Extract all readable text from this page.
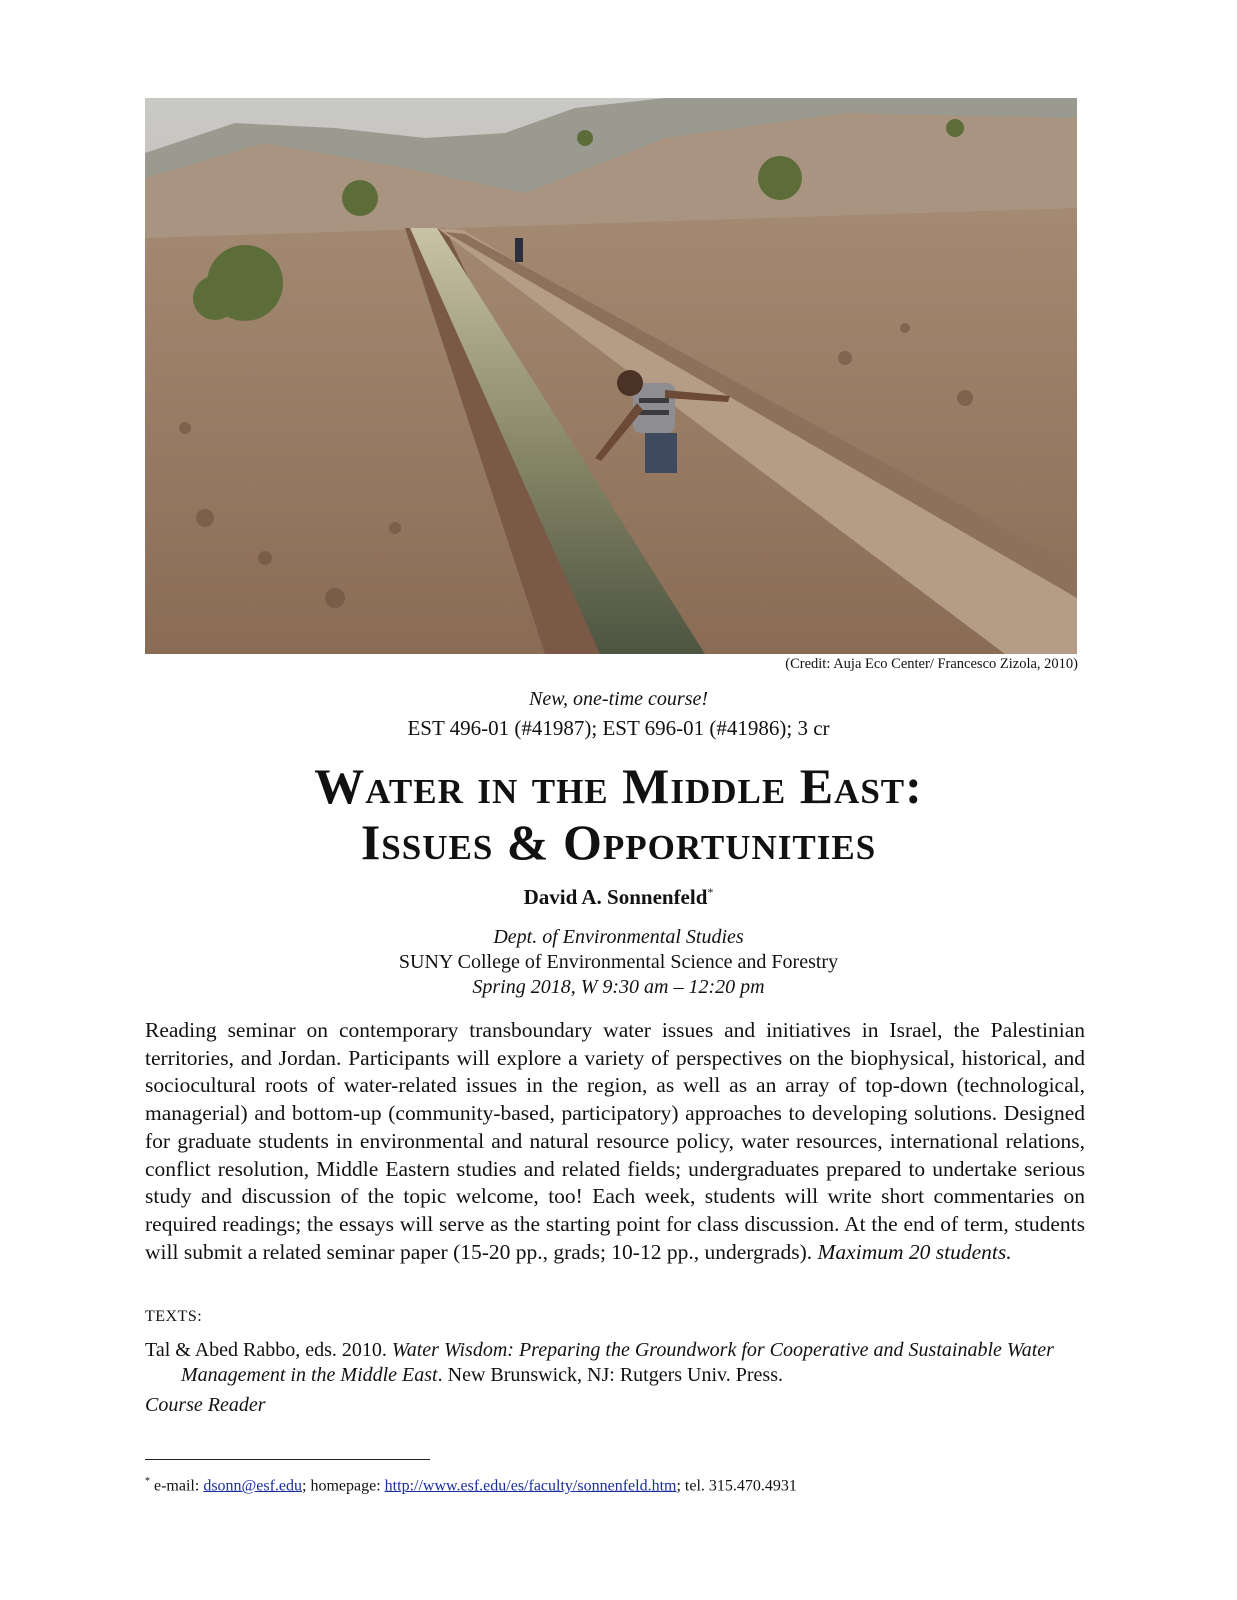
(Credit: Auja Eco Center/ Francesco Zizola, 2010)
New, one-time course!
EST 496-01 (#41987); EST 696-01 (#41986); 3 cr
Water in the Middle East:
Issues & Opportunities
David A. Sonnenfeld*
Dept. of Environmental Studies
SUNY College of Environmental Science and Forestry
Spring 2018, W 9:30 am – 12:20 pm

Reading seminar on contemporary transboundary water issues and initiatives in Israel, the Palestinian territories, and Jordan. Participants will explore a variety of perspectives on the biophysical, historical, and sociocultural roots of water-related issues in the region, as well as an array of top-down (technological, managerial) and bottom-up (community-based, participatory) approaches to developing solutions. Designed for graduate students in environmental and natural resource policy, water resources, international relations, conflict resolution, Middle Eastern studies and related fields; undergraduates prepared to undertake serious study and discussion of the topic welcome, too! Each week, students will write short commentaries on required readings; the essays will serve as the starting point for class discussion. At the end of term, students will submit a related seminar paper (15-20 pp., grads; 10-12 pp., undergrads). Maximum 20 students.

TEXTS:

Tal & Abed Rabbo, eds. 2010. Water Wisdom: Preparing the Groundwork for Cooperative and Sustainable Water Management in the Middle East. New Brunswick, NJ: Rutgers Univ. Press.

Course Reader
* e-mail: dsonn@esf.edu; homepage: http://www.esf.edu/es/faculty/sonnenfeld.htm; tel. 315.470.4931
